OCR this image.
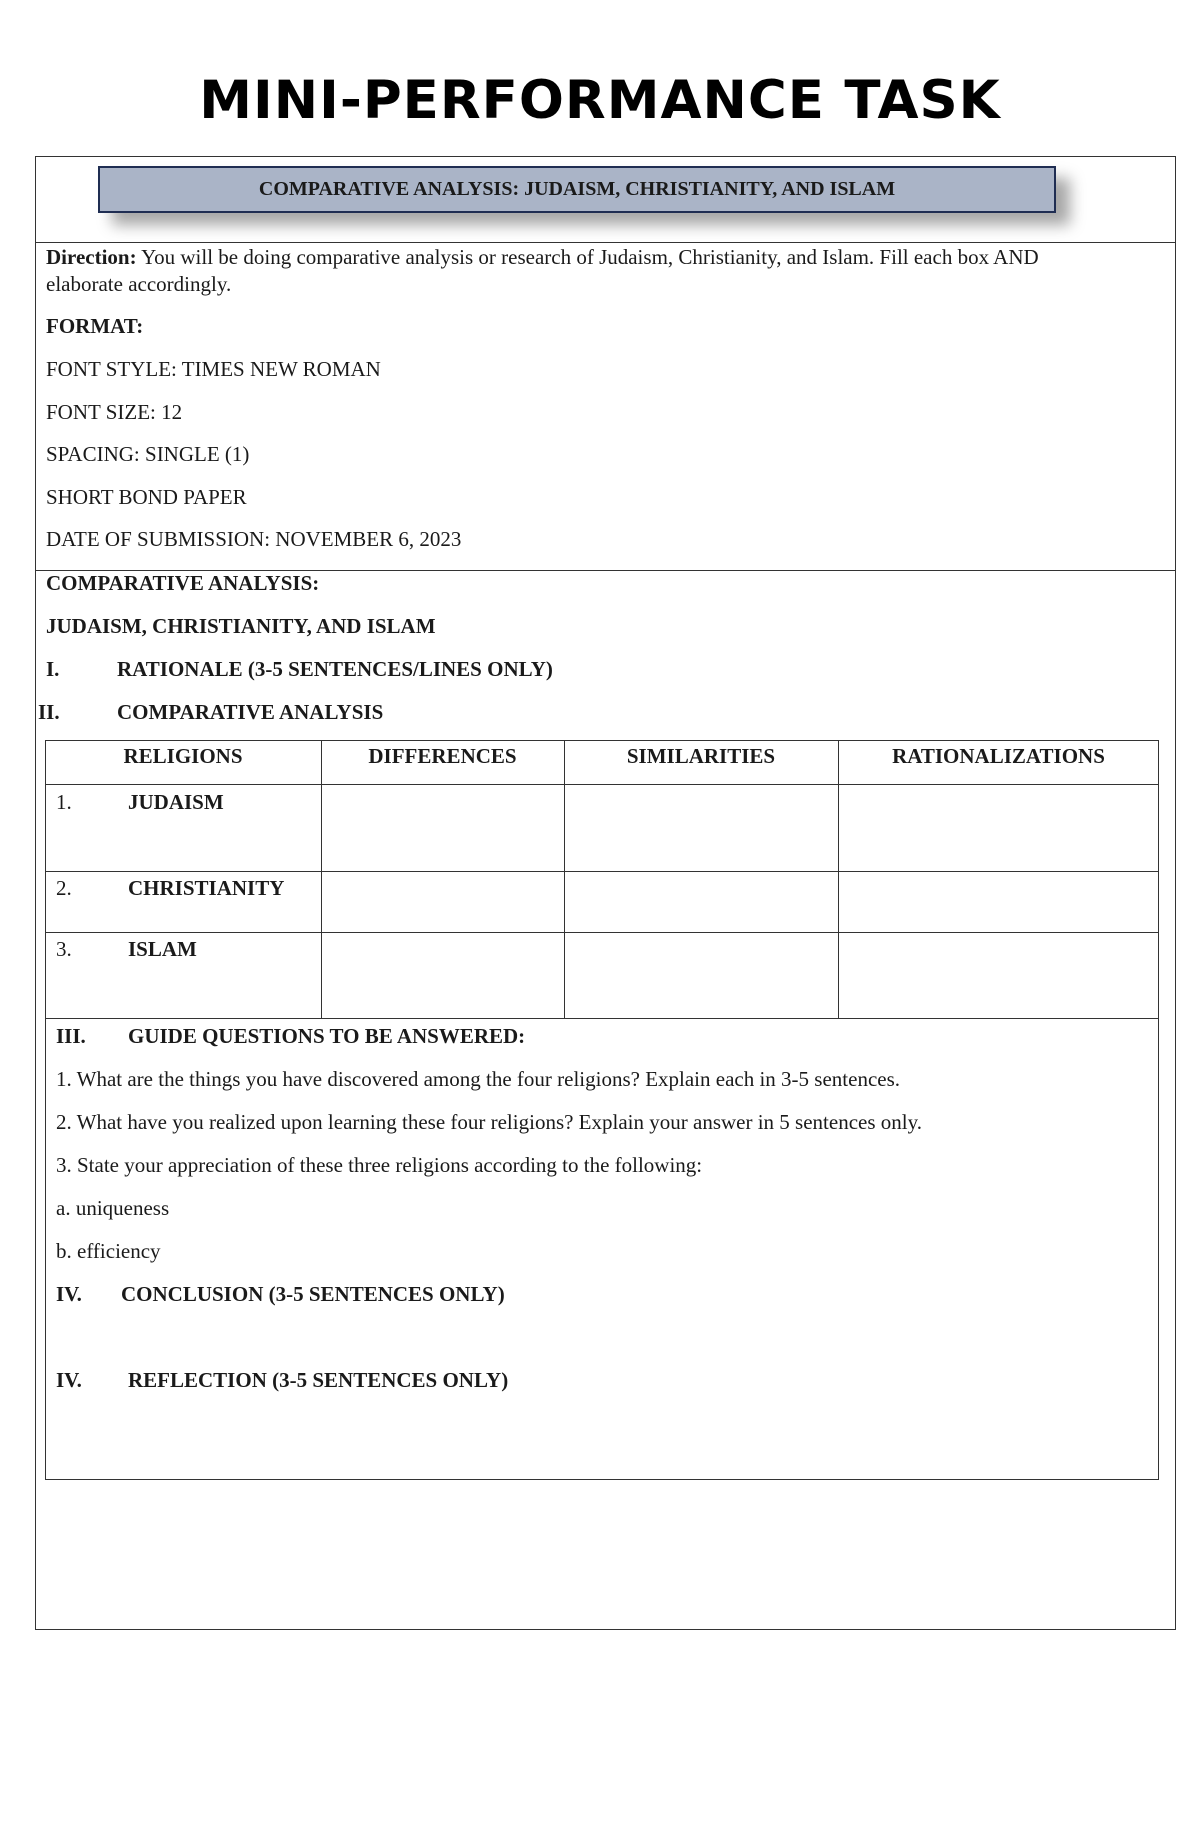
MINI-PERFORMANCE TASK
COMPARATIVE ANALYSIS: JUDAISM, CHRISTIANITY, AND ISLAM
Direction: You will be doing comparative analysis or research of Judaism, Christianity, and Islam. Fill each box AND
elaborate accordingly.
FORMAT:
FONT STYLE: TIMES NEW ROMAN
FONT SIZE: 12
SPACING: SINGLE (1)
SHORT BOND PAPER
DATE OF SUBMISSION: NOVEMBER 6, 2023
COMPARATIVE ANALYSIS:
JUDAISM, CHRISTIANITY, AND ISLAM
I.	RATIONALE (3-5 SENTENCES/LINES ONLY)
II.	COMPARATIVE ANALYSIS
RELIGIONS	DIFFERENCES	SIMILARITIES	RATIONALIZATIONS
1.	JUDAISM
2.	CHRISTIANITY
3.	ISLAM
III. GUIDE QUESTIONS TO BE ANSWERED:
1. What are the things you have discovered among the four religions? Explain each in 3-5 sentences.
2. What have you realized upon learning these four religions? Explain your answer in 5 sentences only.
3. State your appreciation of these three religions according to the following:
a. uniqueness
b. efficiency
IV. CONCLUSION (3-5 SENTENCES ONLY)
IV. REFLECTION (3-5 SENTENCES ONLY)
